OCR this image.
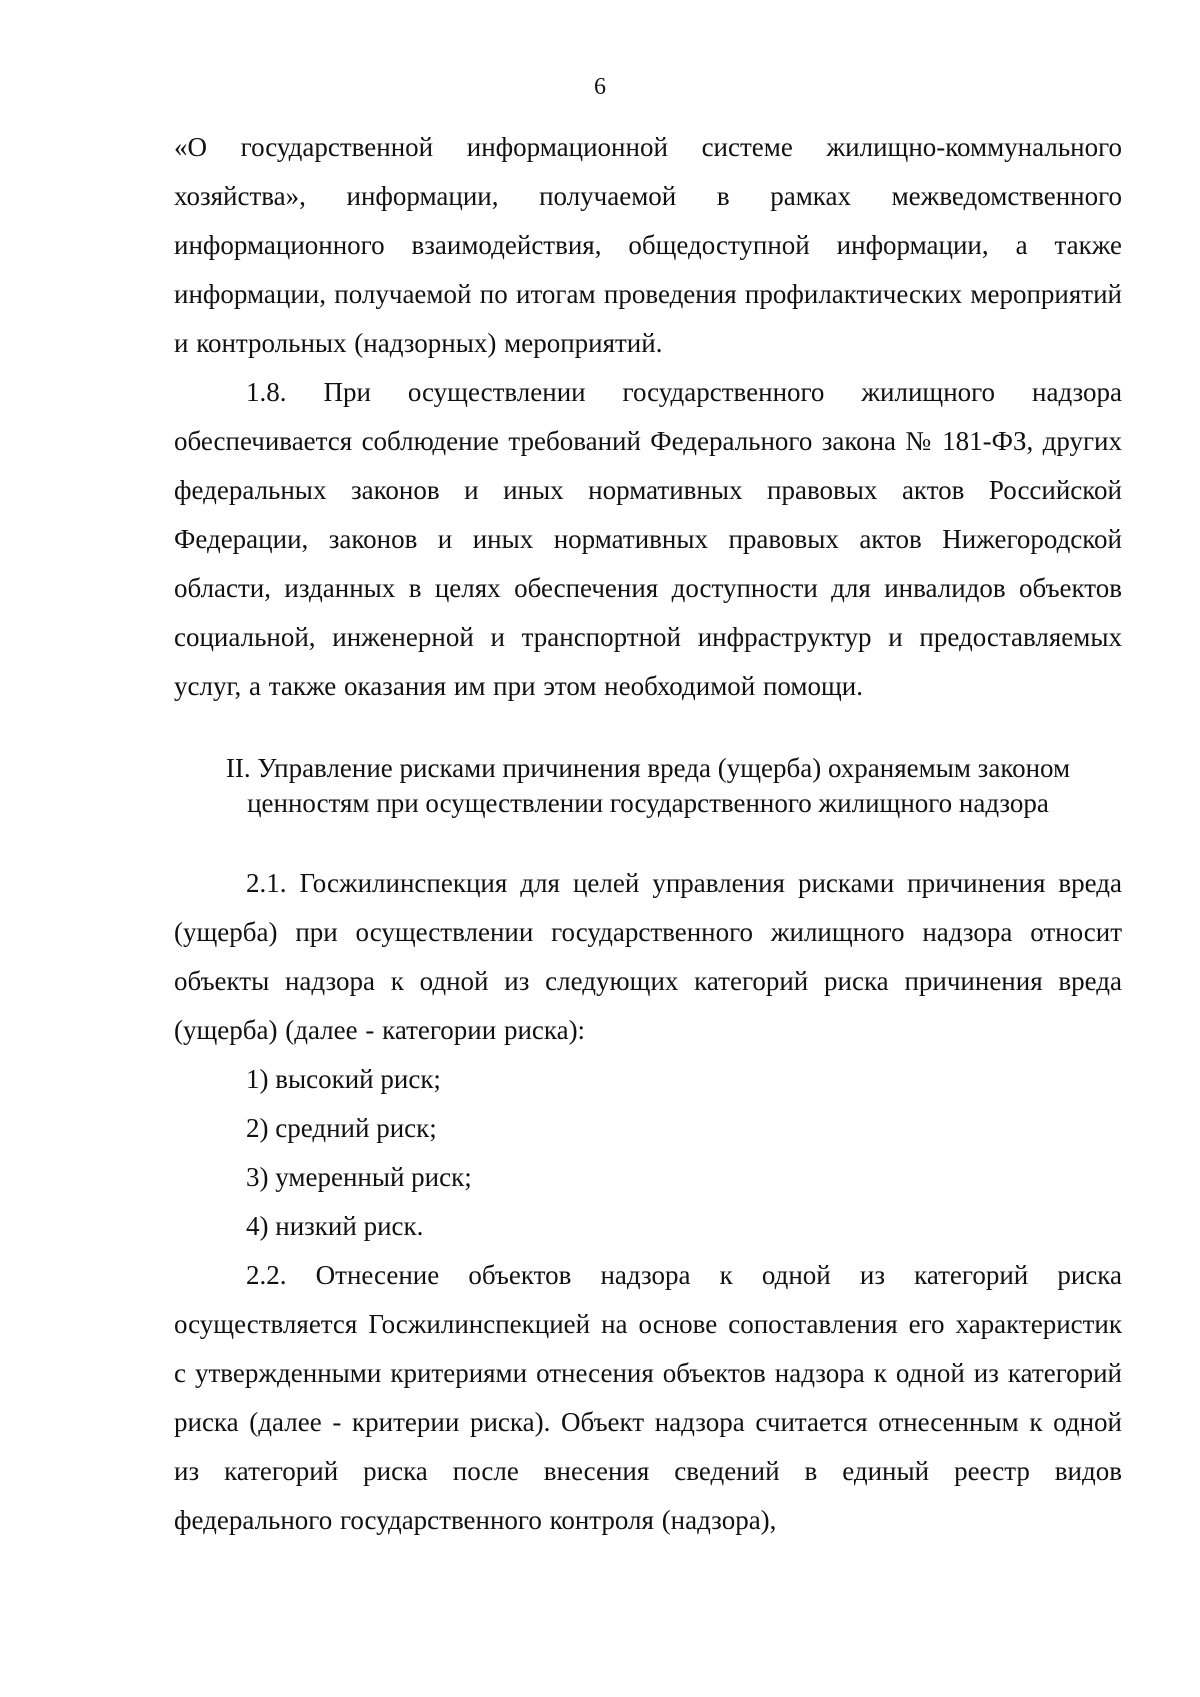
6

«О государственной информационной системе жилищно-коммунального хозяйства», информации, получаемой в рамках межведомственного информационного взаимодействия, общедоступной информации, а также информации, получаемой по итогам проведения профилактических мероприятий и контрольных (надзорных) мероприятий.

1.8. При осуществлении государственного жилищного надзора обеспечивается соблюдение требований Федерального закона № 181-ФЗ, других федеральных законов и иных нормативных правовых актов Российской Федерации, законов и иных нормативных правовых актов Нижегородской области, изданных в целях обеспечения доступности для инвалидов объектов социальной, инженерной и транспортной инфраструктур и предоставляемых услуг, а также оказания им при этом необходимой помощи.

II. Управление рисками причинения вреда (ущерба) охраняемым законом
ценностям при осуществлении государственного жилищного надзора

2.1. Госжилинспекция для целей управления рисками причинения вреда (ущерба) при осуществлении государственного жилищного надзора относит объекты надзора к одной из следующих категорий риска причинения вреда (ущерба) (далее - категории риска):

1) высокий риск;
2) средний риск;
3) умеренный риск;
4) низкий риск.

2.2. Отнесение объектов надзора к одной из категорий риска осуществляется Госжилинспекцией на основе сопоставления его характеристик с утвержденными критериями отнесения объектов надзора к одной из категорий риска (далее - критерии риска). Объект надзора считается отнесенным к одной из категорий риска после внесения сведений в единый реестр видов федерального государственного контроля (надзора),
